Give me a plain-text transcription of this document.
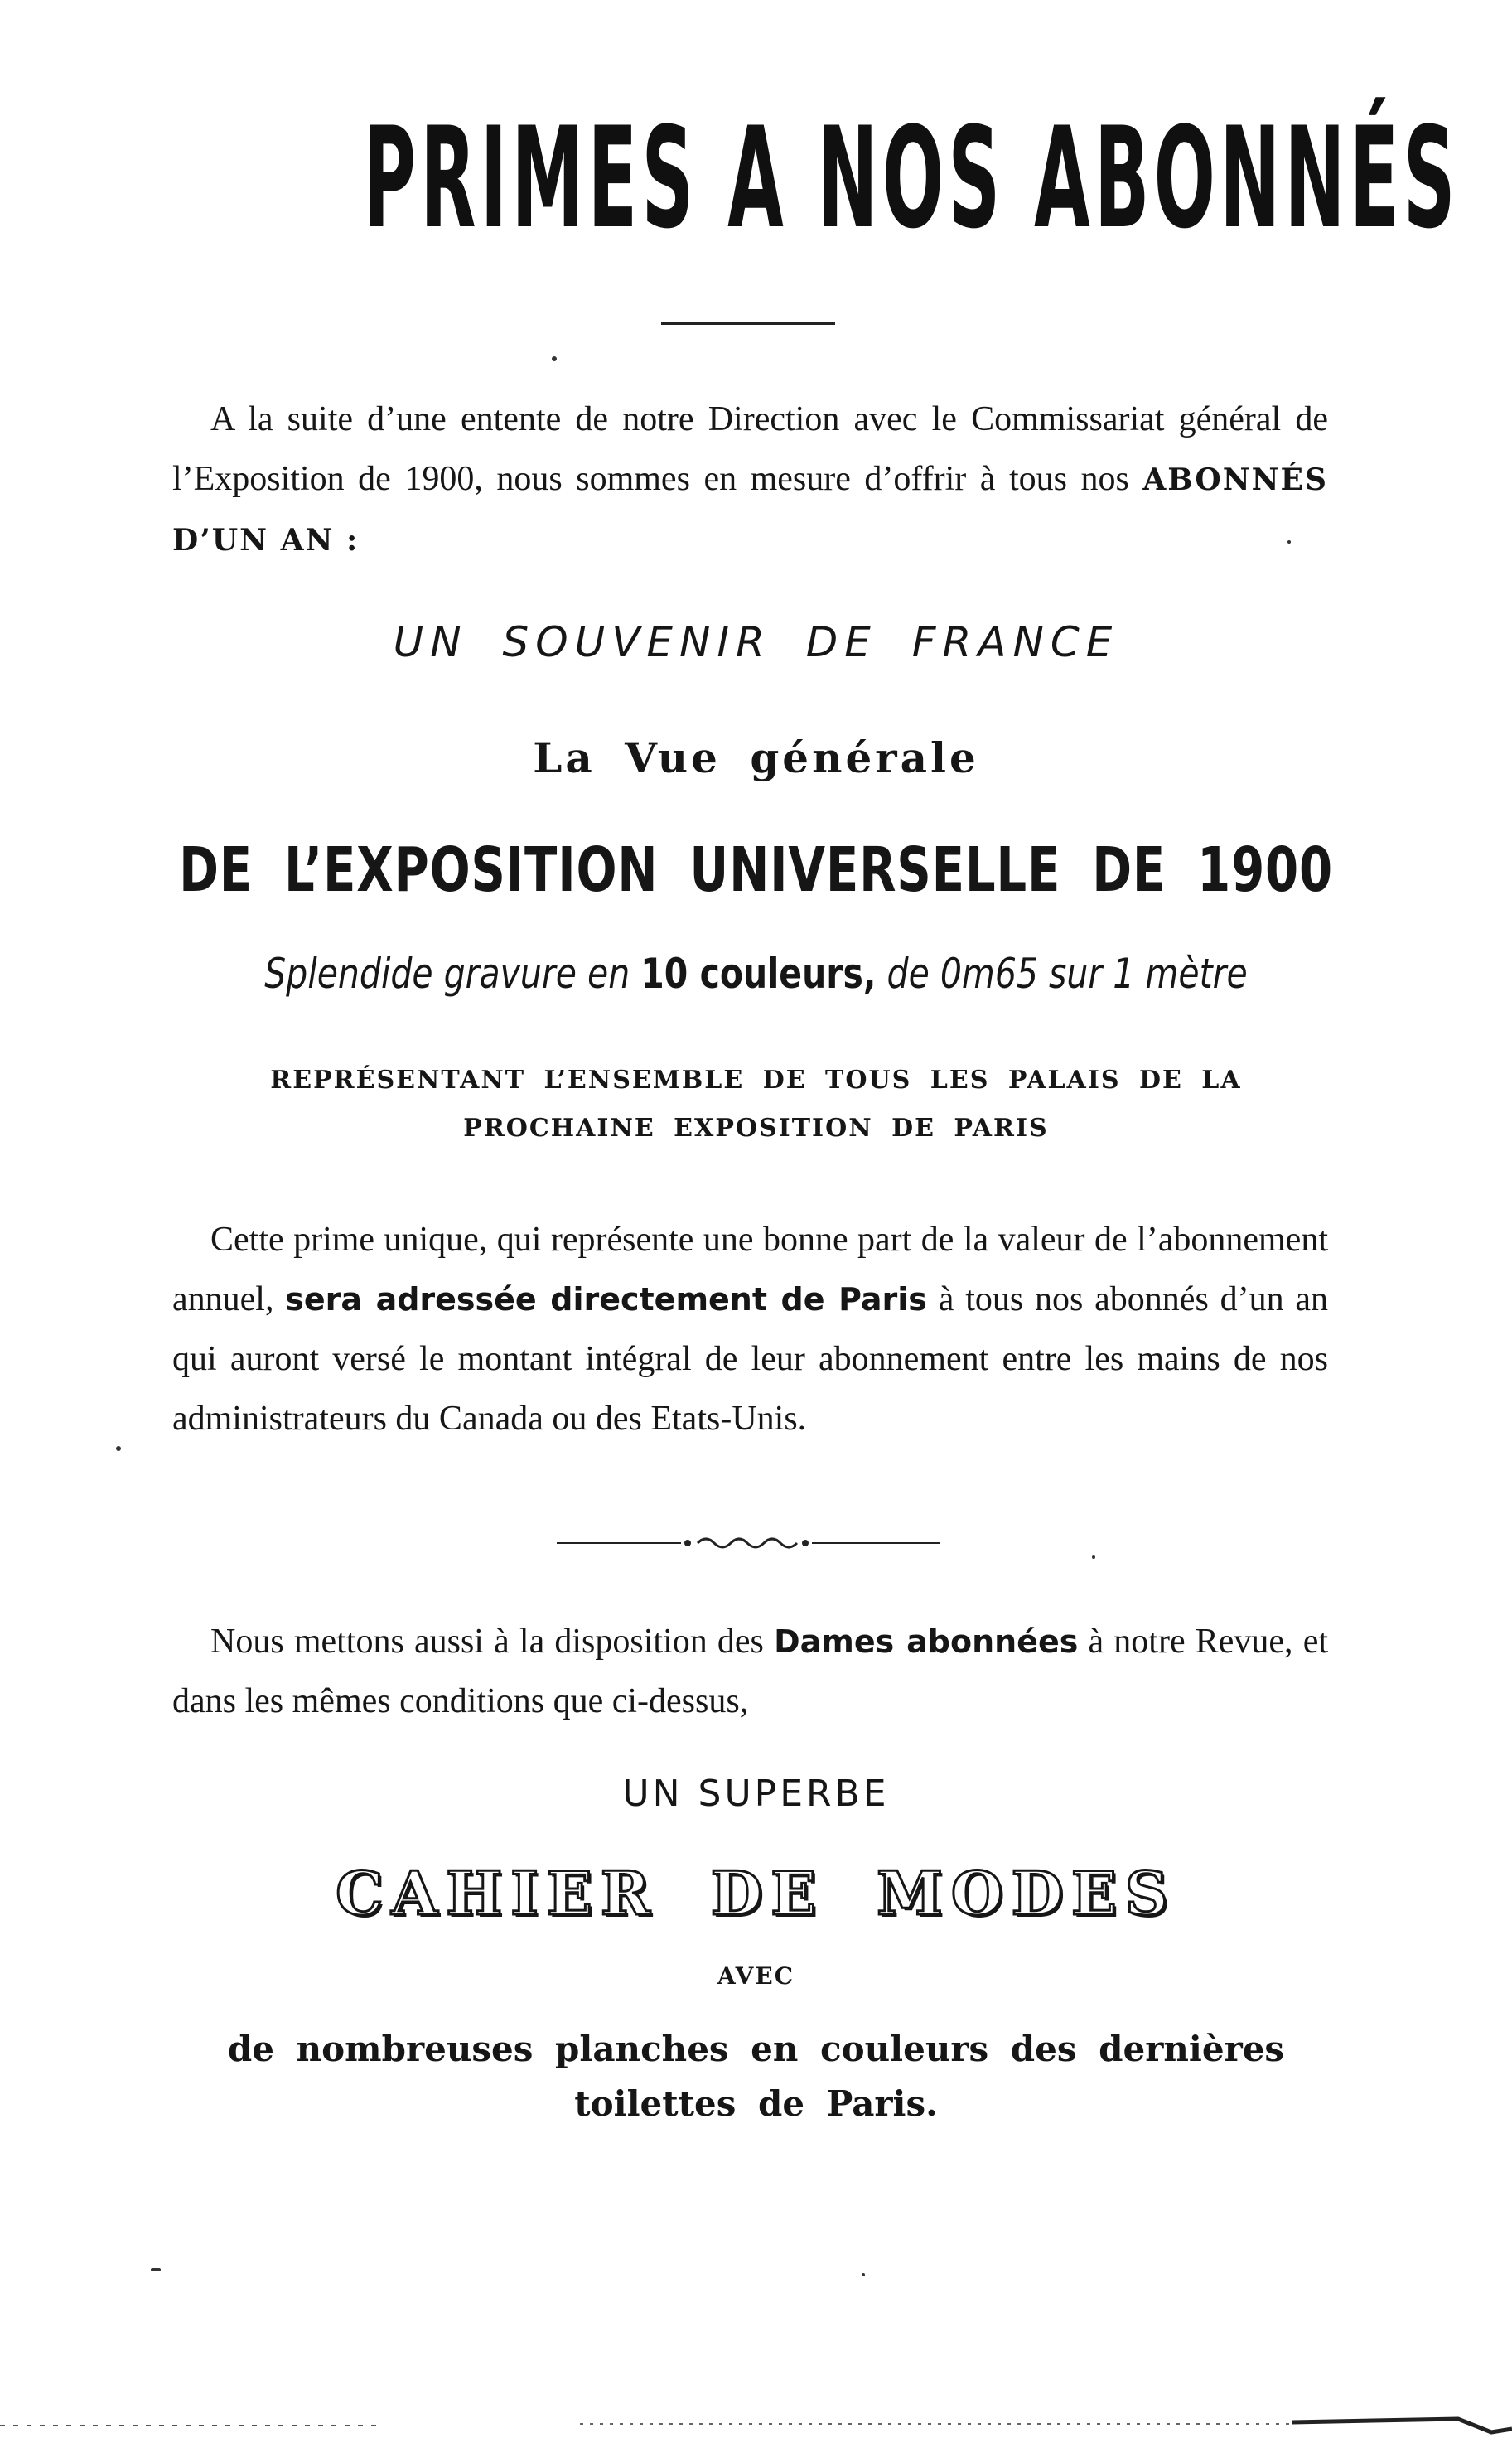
PRIMES A NOS ABONNÉS

A la suite d’une entente de notre Direction avec le Commissariat général de l’Exposition de 1900, nous sommes en mesure d’offrir à tous nos ABONNÉS D’UN AN :

UN SOUVENIR DE FRANCE
La Vue générale
DE L’EXPOSITION UNIVERSELLE DE 1900
Splendide gravure en 10 couleurs, de 0m65 sur 1 mètre
REPRÉSENTANT L’ENSEMBLE DE TOUS LES PALAIS DE LA PROCHAINE EXPOSITION DE PARIS

Cette prime unique, qui représente une bonne part de la valeur de l’abonnement annuel, sera adressée directement de Paris à tous nos abonnés d’un an qui auront versé le montant intégral de leur abonnement entre les mains de nos administrateurs du Canada ou des Etats-Unis.

Nous mettons aussi à la disposition des Dames abonnées à notre Revue, et dans les mêmes conditions que ci-dessus,

UN SUPERBE
CAHIER DE MODES
AVEC
de nombreuses planches en couleurs des dernières toilettes de Paris.
